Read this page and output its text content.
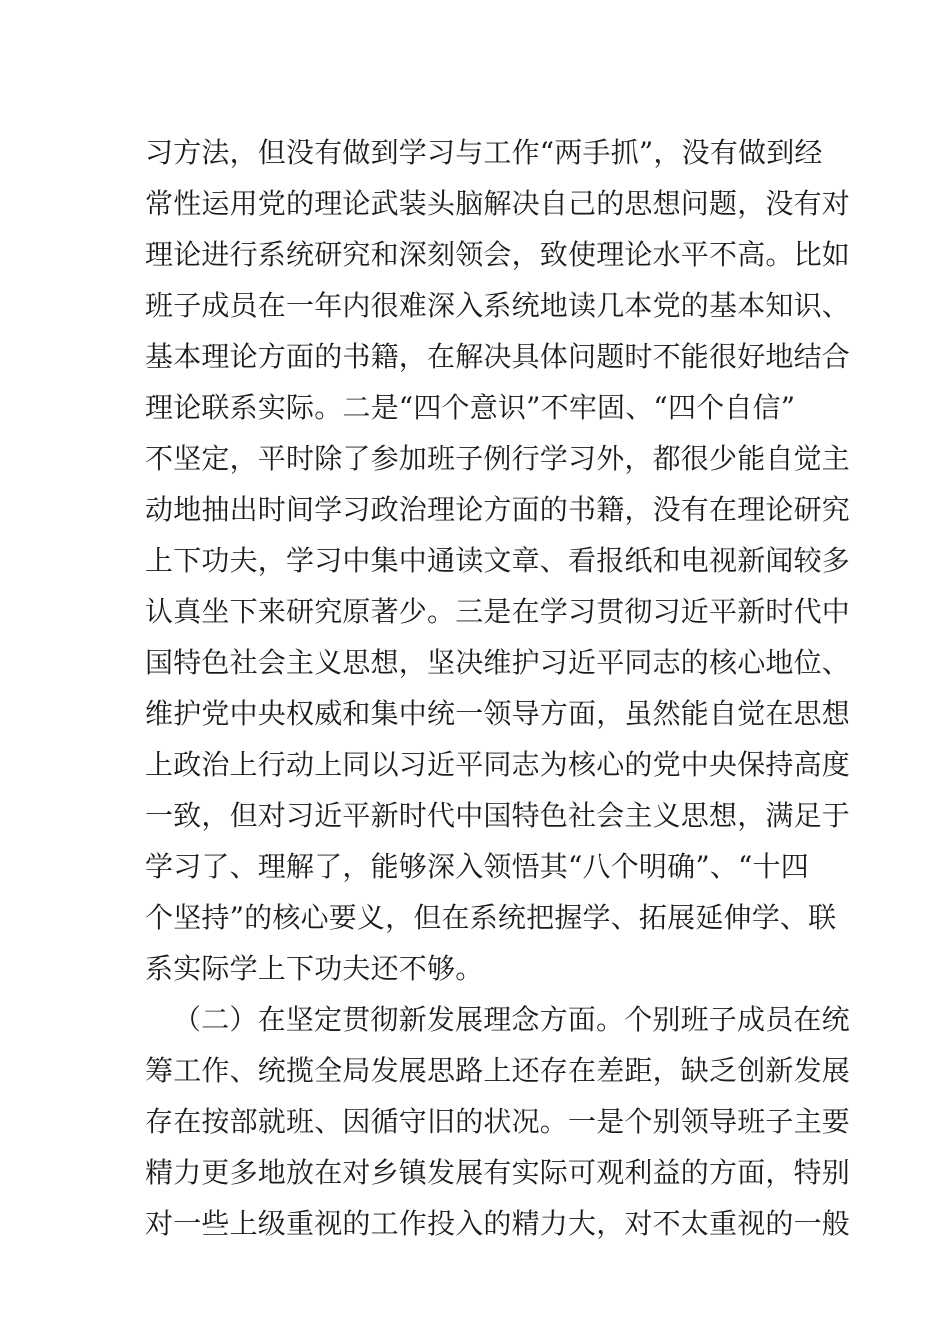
习方法，但没有做到学习与工作“两手抓”，没有做到经
常性运用党的理论武装头脑解决自己的思想问题，没有对
理论进行系统研究和深刻领会，致使理论水平不高。比如
班子成员在一年内很难深入系统地读几本党的基本知识、
基本理论方面的书籍，在解决具体问题时不能很好地结合
理论联系实际。二是“四个意识”不牢固、“四个自信”
不坚定，平时除了参加班子例行学习外，都很少能自觉主
动地抽出时间学习政治理论方面的书籍，没有在理论研究
上下功夫，学习中集中通读文章、看报纸和电视新闻较多
认真坐下来研究原著少。三是在学习贯彻习近平新时代中
国特色社会主义思想，坚决维护习近平同志的核心地位、
维护党中央权威和集中统一领导方面，虽然能自觉在思想
上政治上行动上同以习近平同志为核心的党中央保持高度
一致，但对习近平新时代中国特色社会主义思想，满足于
学习了、理解了，能够深入领悟其“八个明确”、“十四
个坚持”的核心要义，但在系统把握学、拓展延伸学、联
系实际学上下功夫还不够。
（二）在坚定贯彻新发展理念方面。个别班子成员在统
筹工作、统揽全局发展思路上还存在差距，缺乏创新发展
存在按部就班、因循守旧的状况。一是个别领导班子主要
精力更多地放在对乡镇发展有实际可观利益的方面，特别
对一些上级重视的工作投入的精力大，对不太重视的一般
